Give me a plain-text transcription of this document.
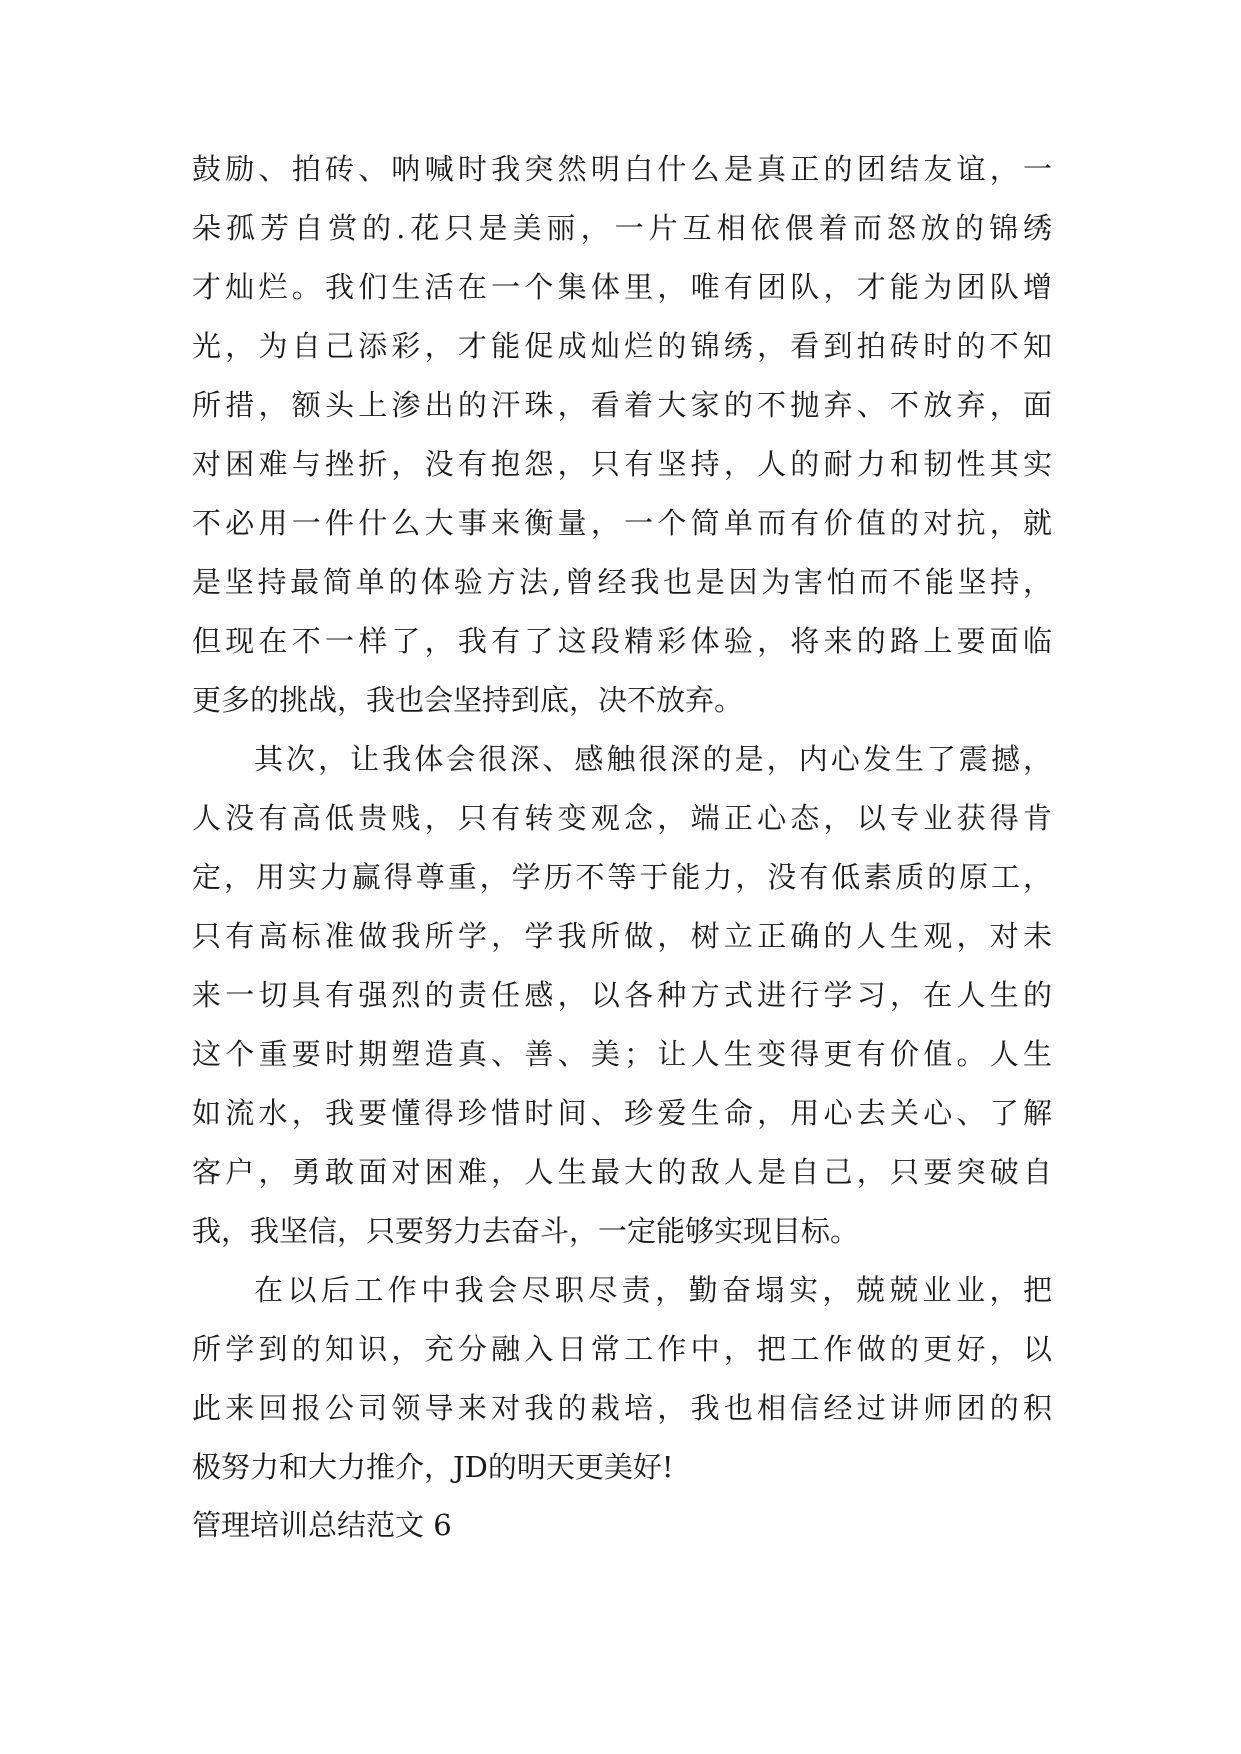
鼓励、拍砖、呐喊时我突然明白什么是真正的团结友谊，一
朵孤芳自赏的.花只是美丽，一片互相依偎着而怒放的锦绣
才灿烂。我们生活在一个集体里，唯有团队，才能为团队增
光，为自己添彩，才能促成灿烂的锦绣，看到拍砖时的不知
所措，额头上渗出的汗珠，看着大家的不抛弃、不放弃，面
对困难与挫折，没有抱怨，只有坚持，人的耐力和韧性其实
不必用一件什么大事来衡量，一个简单而有价值的对抗，就
是坚持最简单的体验方法,曾经我也是因为害怕而不能坚持，
但现在不一样了，我有了这段精彩体验，将来的路上要面临
更多的挑战，我也会坚持到底，决不放弃。
其次，让我体会很深、感触很深的是，内心发生了震撼，
人没有高低贵贱，只有转变观念，端正心态，以专业获得肯
定，用实力赢得尊重，学历不等于能力，没有低素质的原工，
只有高标准做我所学，学我所做，树立正确的人生观，对未
来一切具有强烈的责任感，以各种方式进行学习，在人生的
这个重要时期塑造真、善、美；让人生变得更有价值。人生
如流水，我要懂得珍惜时间、珍爱生命，用心去关心、了解
客户，勇敢面对困难，人生最大的敌人是自己，只要突破自
我，我坚信，只要努力去奋斗，一定能够实现目标。
在以后工作中我会尽职尽责，勤奋塌实，兢兢业业，把
所学到的知识，充分融入日常工作中，把工作做的更好，以
此来回报公司领导来对我的栽培，我也相信经过讲师团的积
极努力和大力推介，JD的明天更美好!
管理培训总结范文 6
